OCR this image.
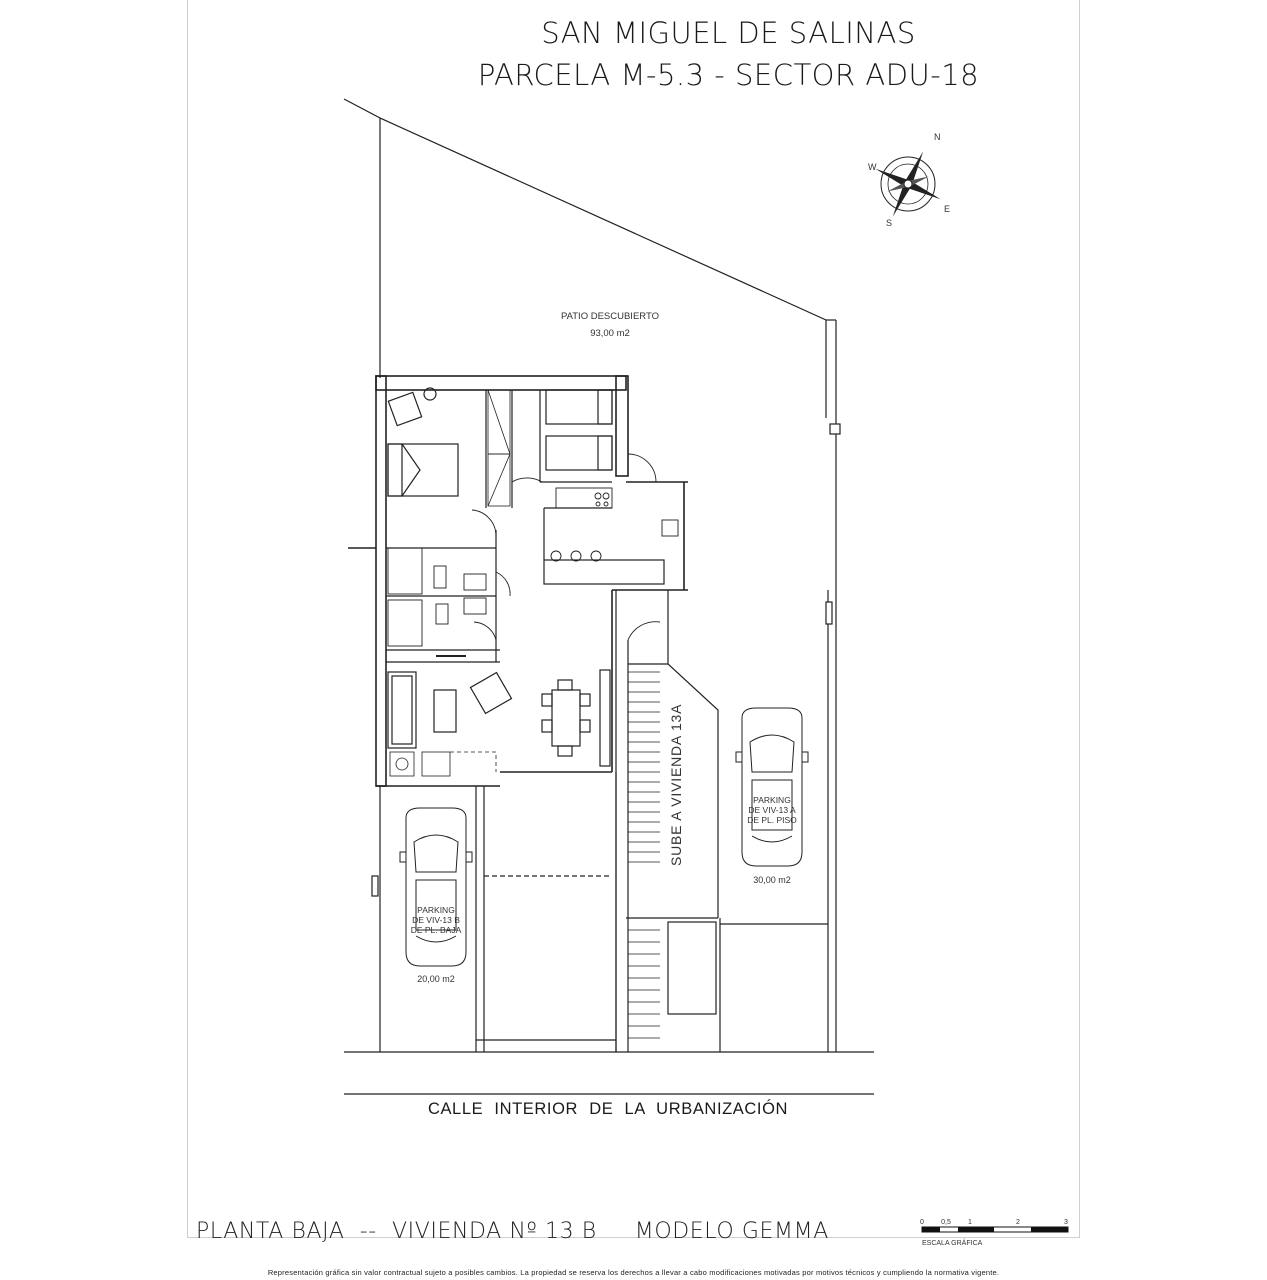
SAN MIGUEL DE SALINAS
PARCELA M-5.3 - SECTOR ADU-18
N
E
S
W
PATIO DESCUBIERTO
93,00 m2
SUBE A VIVIENDA 13A	PARKING
DE VIV-13 A
DE PL. PISO
30,00 m2
PARKING
DE VIV-13 B
DE PL. BAJA
20,00 m2
0 0,5 1	2	3
ESCALA GRÁFICA
CALLE INTERIOR DE LA URBANIZACIÓN
PLANTA BAJA  --  VIVIENDA Nº 13 B     MODELO GEMMA
Representación gráfica sin valor contractual sujeto a posibles cambios. La propiedad se reserva los derechos a llevar a cabo modificaciones motivadas por motivos técnicos y cumpliendo la normativa vigente.
